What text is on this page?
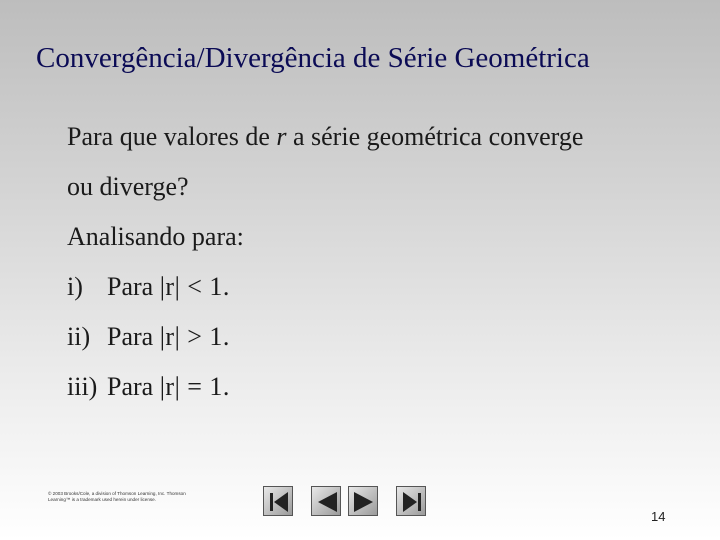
Convergência/Divergência de Série Geométrica
Para que valores de r a série geométrica converge
ou diverge?
Analisando para:
i) Para |r| < 1.
ii) Para |r| > 1.
iii) Para |r| = 1.
© 2003 Brooks/Cole, a division of Thomson Learning, Inc. Thomson
Learning™ is a trademark used herein under license.
14
